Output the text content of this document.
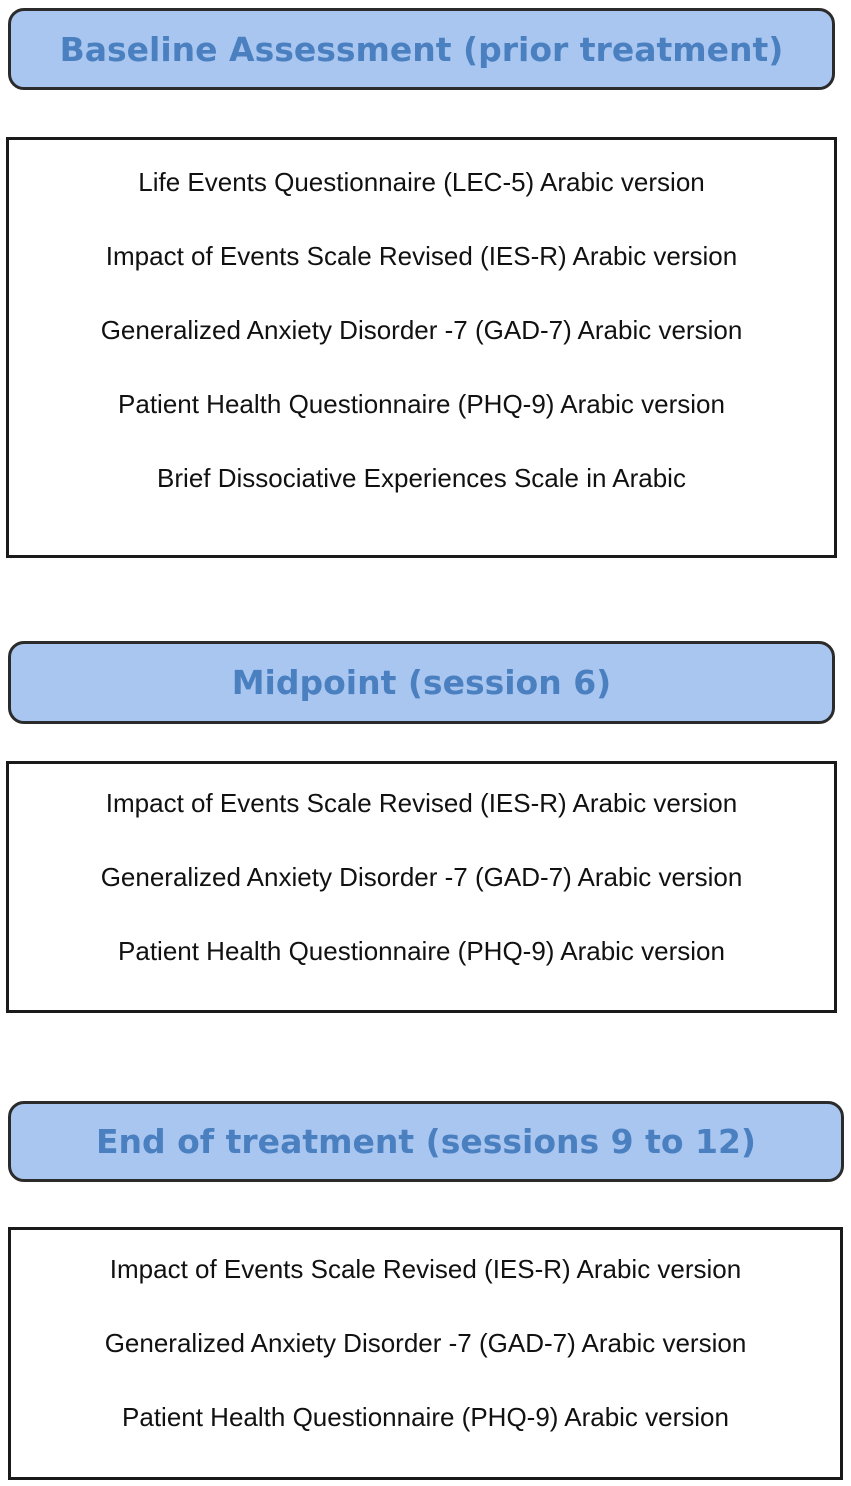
Baseline Assessment (prior treatment)
Life Events Questionnaire (LEC-5) Arabic version
Impact of Events Scale Revised (IES-R) Arabic version
Generalized Anxiety Disorder -7 (GAD-7) Arabic version
Patient Health Questionnaire (PHQ-9) Arabic version
Brief Dissociative Experiences Scale in Arabic
Midpoint (session 6)
Impact of Events Scale Revised (IES-R) Arabic version
Generalized Anxiety Disorder -7 (GAD-7) Arabic version
Patient Health Questionnaire (PHQ-9) Arabic version
End of treatment (sessions 9 to 12)
Impact of Events Scale Revised (IES-R) Arabic version
Generalized Anxiety Disorder -7 (GAD-7) Arabic version
Patient Health Questionnaire (PHQ-9) Arabic version
